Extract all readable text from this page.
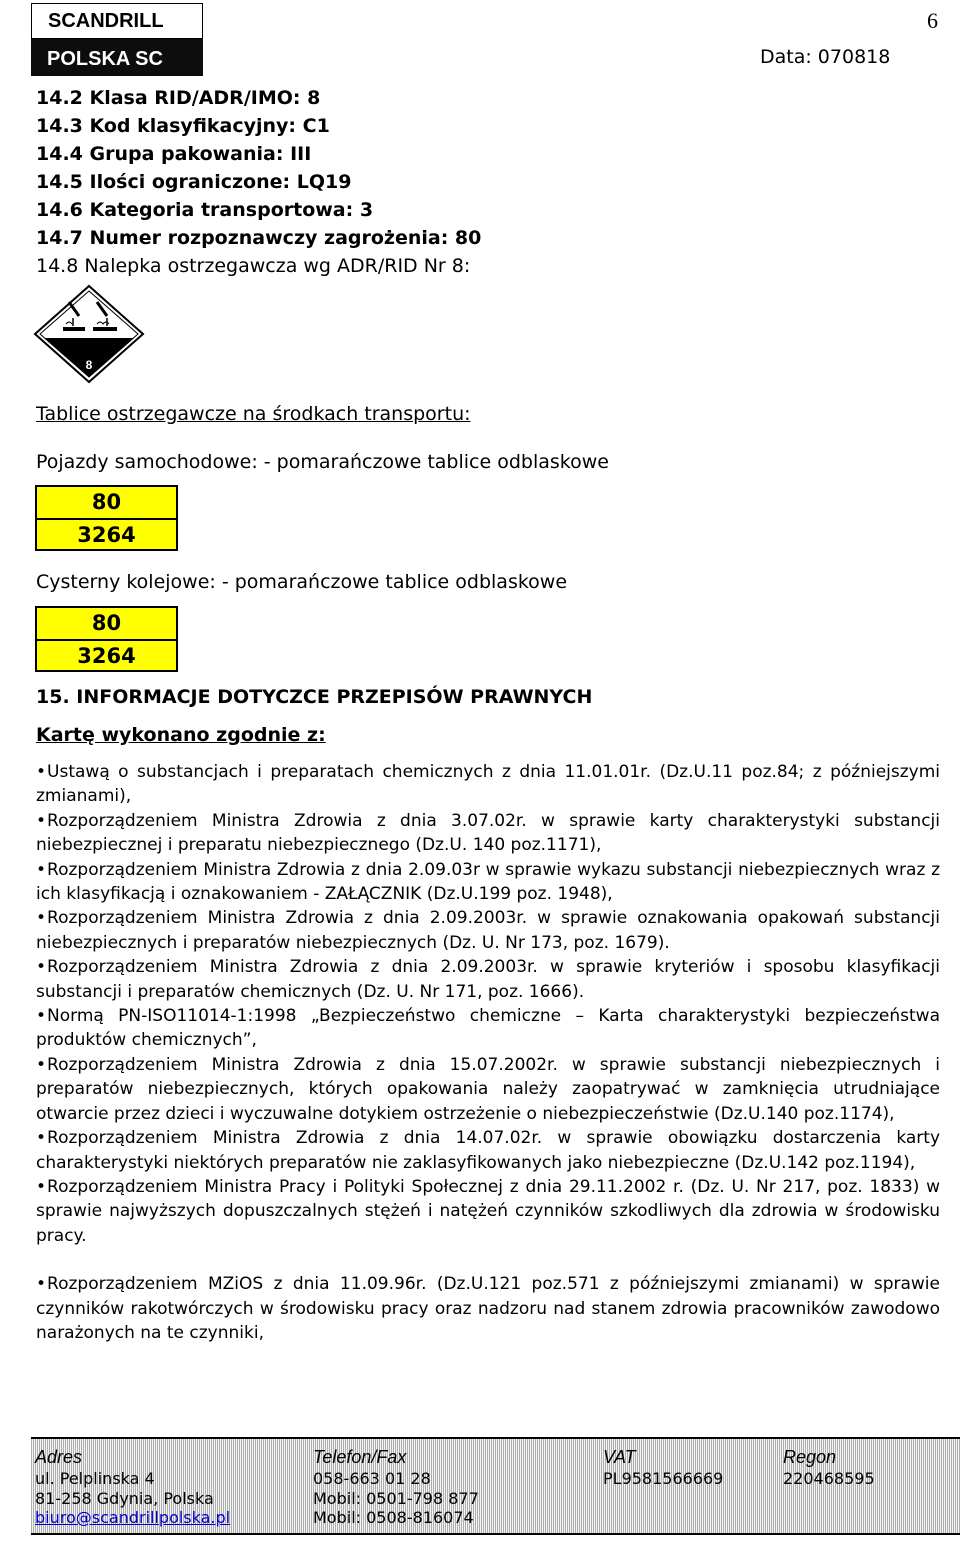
SCANDRILL
POLSKA SC
6
Data: 070818
14.2 Klasa RID/ADR/IMO: 8
14.3 Kod klasyfikacyjny: C1
14.4 Grupa pakowania: III
14.5 Ilości ograniczone: LQ19
14.6 Kategoria transportowa: 3
14.7 Numer rozpoznawczy zagrożenia: 80
14.8 Nalepka ostrzegawcza wg ADR/RID Nr 8:
8
Tablice ostrzegawcze na środkach transportu:
Pojazdy samochodowe: - pomarańczowe tablice odblaskowe
80
3264
Cysterny kolejowe: - pomarańczowe tablice odblaskowe
80
3264
15. INFORMACJE DOTYCZCE PRZEPISÓW PRAWNYCH
Kartę wykonano zgodnie z:

•Ustawą o substancjach i preparatach chemicznych z dnia 11.01.01r. (Dz.U.11 poz.84; z późniejszymi zmianami),

•Rozporządzeniem Ministra Zdrowia z dnia 3.07.02r. w sprawie karty charakterystyki substancji niebezpiecznej i preparatu niebezpiecznego (Dz.U. 140 poz.1171),

•Rozporządzeniem Ministra Zdrowia z dnia 2.09.03r w sprawie wykazu substancji niebezpiecznych wraz z ich klasyfikacją i oznakowaniem - ZAŁĄCZNIK (Dz.U.199 poz. 1948),

•Rozporządzeniem Ministra Zdrowia z dnia 2.09.2003r. w sprawie oznakowania opakowań substancji niebezpiecznych i preparatów niebezpiecznych (Dz. U. Nr 173, poz. 1679).

•Rozporządzeniem Ministra Zdrowia z dnia 2.09.2003r. w sprawie kryteriów i sposobu klasyfikacji substancji i preparatów chemicznych (Dz. U. Nr 171, poz. 1666).

•Normą PN-ISO11014-1:1998 „Bezpieczeństwo chemiczne – Karta charakterystyki bezpieczeństwa produktów chemicznych”,

•Rozporządzeniem Ministra Zdrowia z dnia 15.07.2002r. w sprawie substancji niebezpiecznych i preparatów niebezpiecznych, których opakowania należy zaopatrywać w zamknięcia utrudniające otwarcie przez dzieci i wyczuwalne dotykiem ostrzeżenie o niebezpieczeństwie (Dz.U.140 poz.1174),

•Rozporządzeniem Ministra Zdrowia z dnia 14.07.02r. w sprawie obowiązku dostarczenia karty charakterystyki niektórych preparatów nie zaklasyfikowanych jako niebezpieczne (Dz.U.142 poz.1194),

•Rozporządzeniem Ministra Pracy i Polityki Społecznej z dnia 29.11.2002 r. (Dz. U. Nr 217, poz. 1833) w sprawie najwyższych dopuszczalnych stężeń i natężeń czynników szkodliwych dla zdrowia w środowisku pracy.

•Rozporządzeniem MZiOS z dnia 11.09.96r. (Dz.U.121 poz.571 z późniejszymi zmianami) w sprawie czynników rakotwórczych w środowisku pracy oraz nadzoru nad stanem zdrowia pracowników zawodowo narażonych na te czynniki,

Adres
ul. Pelplinska 4
81-258 Gdynia, Polska
biuro@scandrillpolska.pl
Telefon/Fax
058-663 01 28
Mobil: 0501-798 877
Mobil: 0508-816074
VAT
PL9581566669
Regon
220468595
